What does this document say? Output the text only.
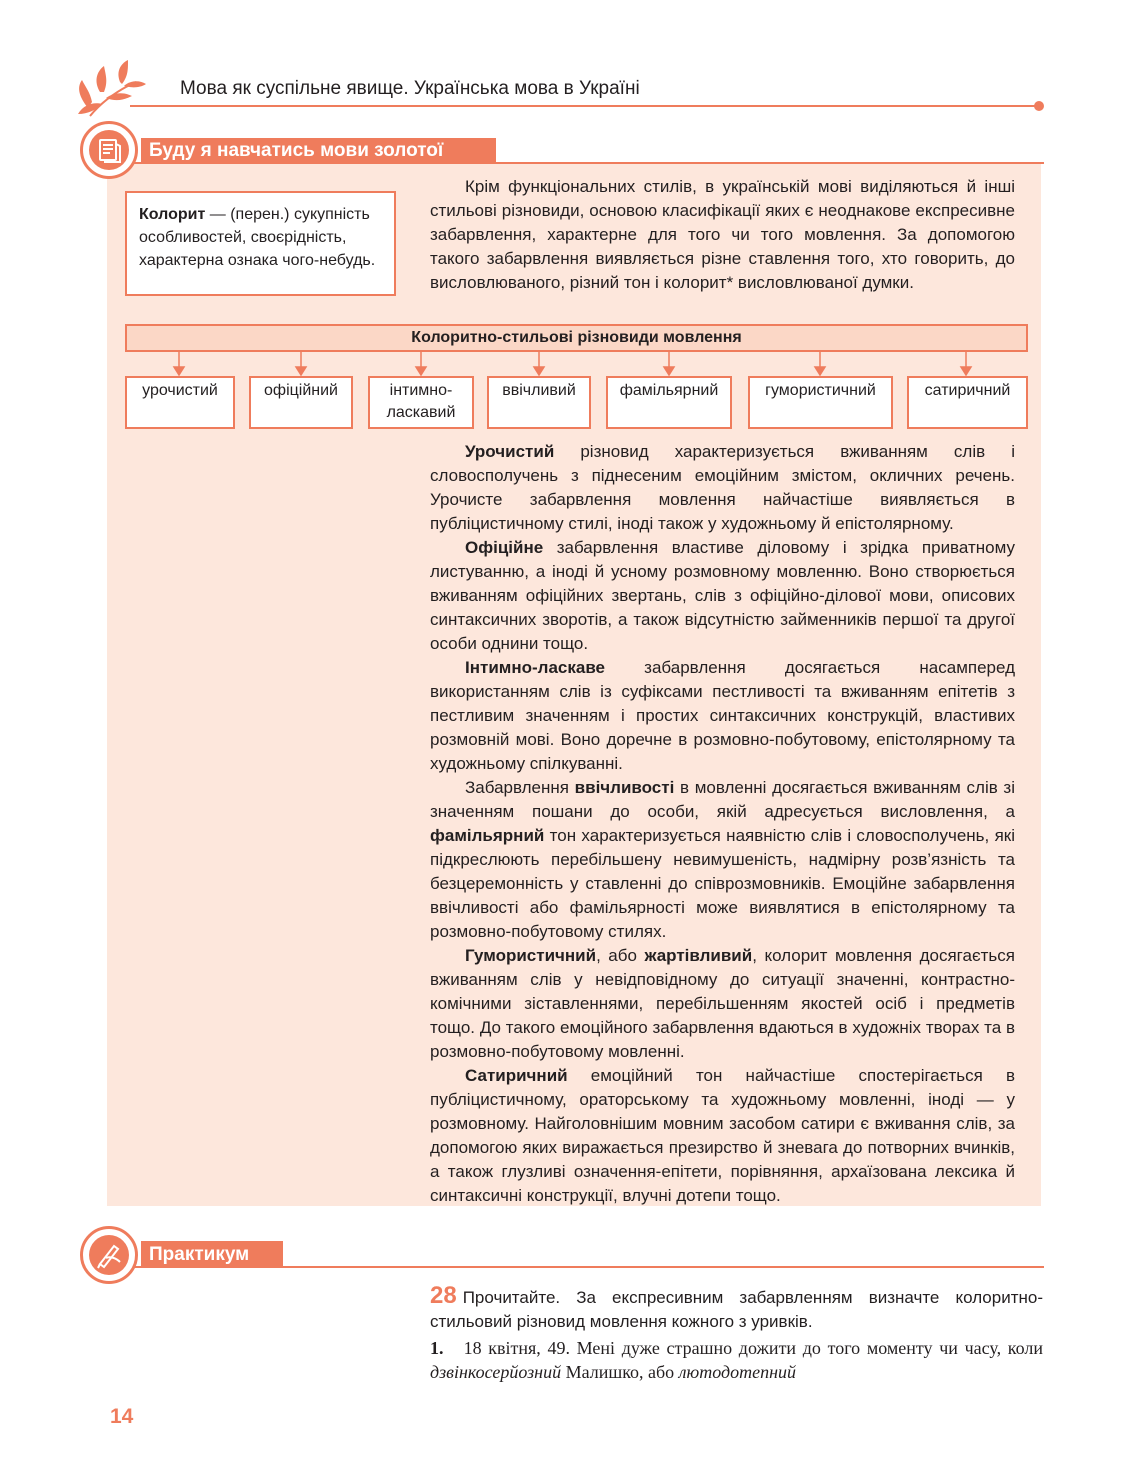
Мова як суспільне явище. Українська мова в Україні
Буду я навчатись мови золотої
Колорит — (перен.) сукупність особливостей, своєрідність, характерна ознака чого-небудь.
Крім функціональних стилів, в українській мові виділяються й інші стильові різновиди, основою класифікації яких є неоднакове експресивне забарвлення, характерне для того чи того мовлення. За допомогою такого забарвлення виявляється різне ставлення того, хто говорить, до висловлюваного, різний тон і колорит* висловлюваної думки.
Колоритно-стильові різновиди мовлення
урочистий	офіційний	інтимно-ласкавий
ввічливий	фамільярний	гумористичний	сатиричний

Урочистий різновид характеризується вживанням слів і словосполучень з піднесеним емоційним змістом, окличних речень. Урочисте забарвлення мовлення найчастіше виявляється в публіцистичному стилі, іноді також у художньому й епістолярному.

Офіційне забарвлення властиве діловому і зрідка приватному листуванню, а іноді й усному розмовному мовленню. Воно створюється вживанням офіційних звертань, слів з офіційно-ділової мови, описових синтаксичних зворотів, а також відсутністю займенників першої та другої особи однини тощо.

Інтимно-ласкаве забарвлення досягається насамперед використанням слів із суфіксами пестливості та вживанням епітетів з пестливим значенням і простих синтаксичних конструкцій, властивих розмовній мові. Воно доречне в розмовно-побутовому, епістолярному та художньому спілкуванні.

Забарвлення ввічливості в мовленні досягається вживанням слів зі значенням пошани до особи, якій адресується висловлення, а фамільярний тон характеризується наявністю слів і словосполучень, які підкреслюють перебільшену невимушеність, надмірну розв’язність та безцеремонність у ставленні до співрозмовників. Емоційне забарвлення ввічливості або фамільярності може виявлятися в епістолярному та розмовно-побутовому стилях.

Гумористичний, або жартівливий, колорит мовлення досягається вживанням слів у невідповідному до ситуації значенні, контрастно-комічними зіставленнями, перебільшенням якостей осіб і предметів тощо. До такого емоційного забарвлення вдаються в художніх творах та в розмовно-побутовому мовленні.

Сатиричний емоційний тон найчастіше спостерігається в публіцистичному, ораторському та художньому мовленні, іноді — у розмовному. Найголовнішим мовним засобом сатири є вживання слів, за допомогою яких виражається презирство й зневага до потворних вчинків, а також глузливі означення-епітети, порівняння, архаїзована лексика й синтаксичні конструкції, влучні дотепи тощо.

Практикум
28 Прочитайте. За експресивним забарвленням визначте колоритно-стильовий різновид мовлення кожного з уривків.
1. 18 квітня, 49. Мені дуже страшно дожити до того моменту чи часу, коли дзвінкосерйозний Малишко, або лютодотепний
14
